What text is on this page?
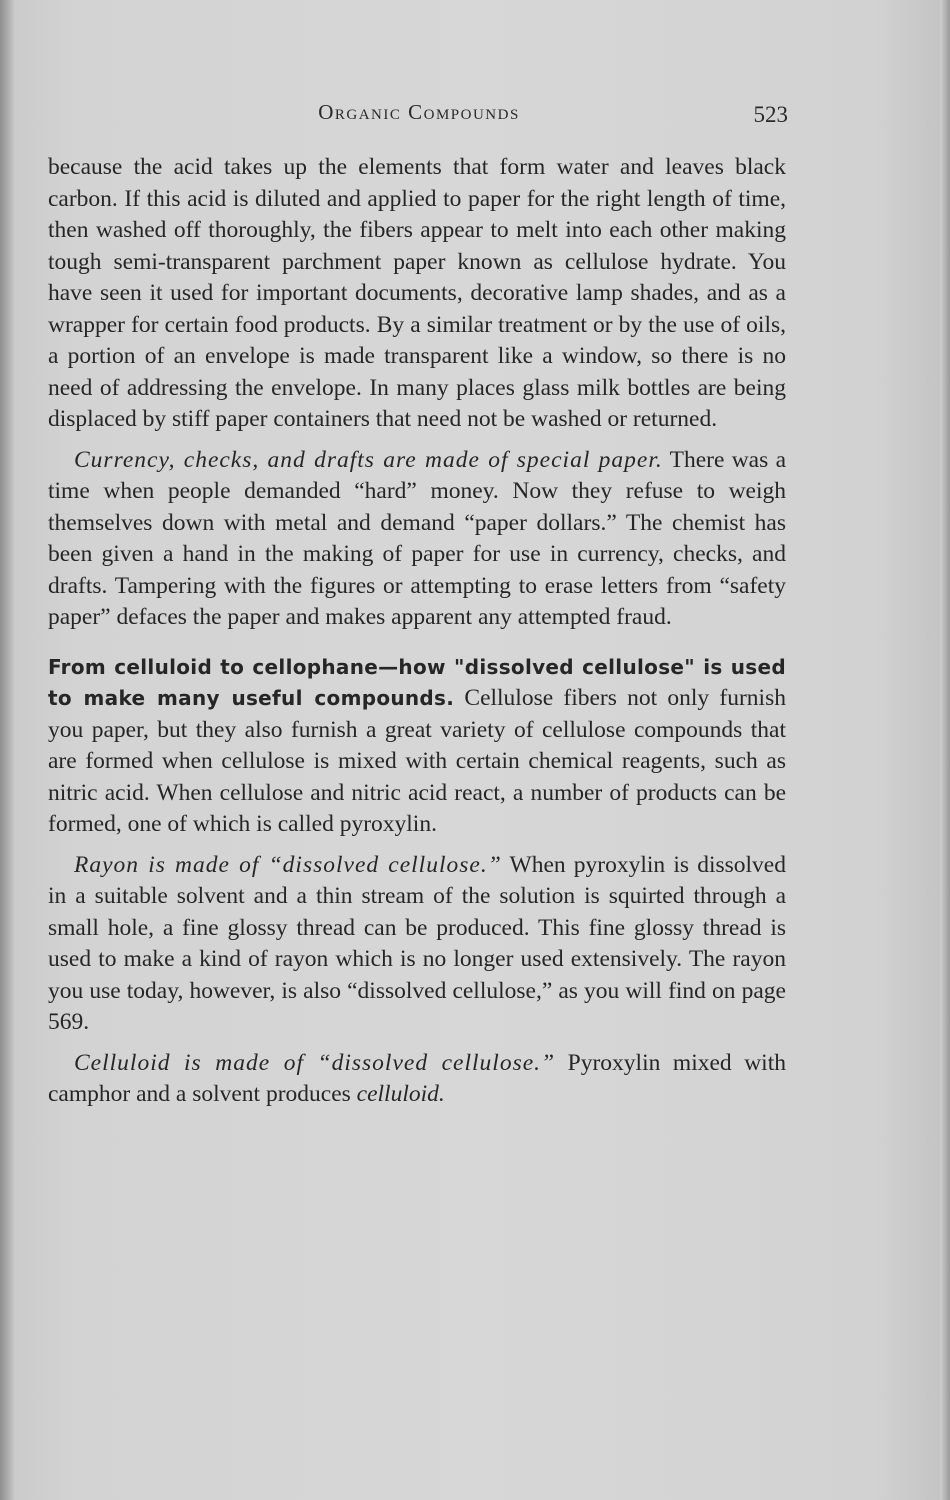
Organic Compounds	523

because the acid takes up the elements that form water and leaves black carbon. If this acid is diluted and applied to paper for the right length of time, then washed off thoroughly, the fibers appear to melt into each other making tough semi-transparent parchment paper known as cellulose hydrate. You have seen it used for important documents, decorative lamp shades, and as a wrapper for certain food products. By a similar treatment or by the use of oils, a portion of an envelope is made transparent like a window, so there is no need of addressing the envelope. In many places glass milk bottles are being displaced by stiff paper containers that need not be washed or returned.

Currency, checks, and drafts are made of special paper. There was a time when people demanded “hard” money. Now they refuse to weigh themselves down with metal and demand “paper dollars.” The chemist has been given a hand in the making of paper for use in currency, checks, and drafts. Tampering with the figures or attempting to erase letters from “safety paper” defaces the paper and makes apparent any attempted fraud.

From celluloid to cellophane—how "dissolved cellulose" is used to make many useful compounds. Cellulose fibers not only furnish you paper, but they also furnish a great variety of cellulose compounds that are formed when cellulose is mixed with certain chemical reagents, such as nitric acid. When cellulose and nitric acid react, a number of products can be formed, one of which is called pyroxylin.

Rayon is made of “dissolved cellulose.” When pyroxylin is dissolved in a suitable solvent and a thin stream of the solution is squirted through a small hole, a fine glossy thread can be produced. This fine glossy thread is used to make a kind of rayon which is no longer used extensively. The rayon you use today, however, is also “dissolved cellulose,” as you will find on page 569.

Celluloid is made of “dissolved cellulose.” Pyroxylin mixed with camphor and a solvent produces celluloid.
